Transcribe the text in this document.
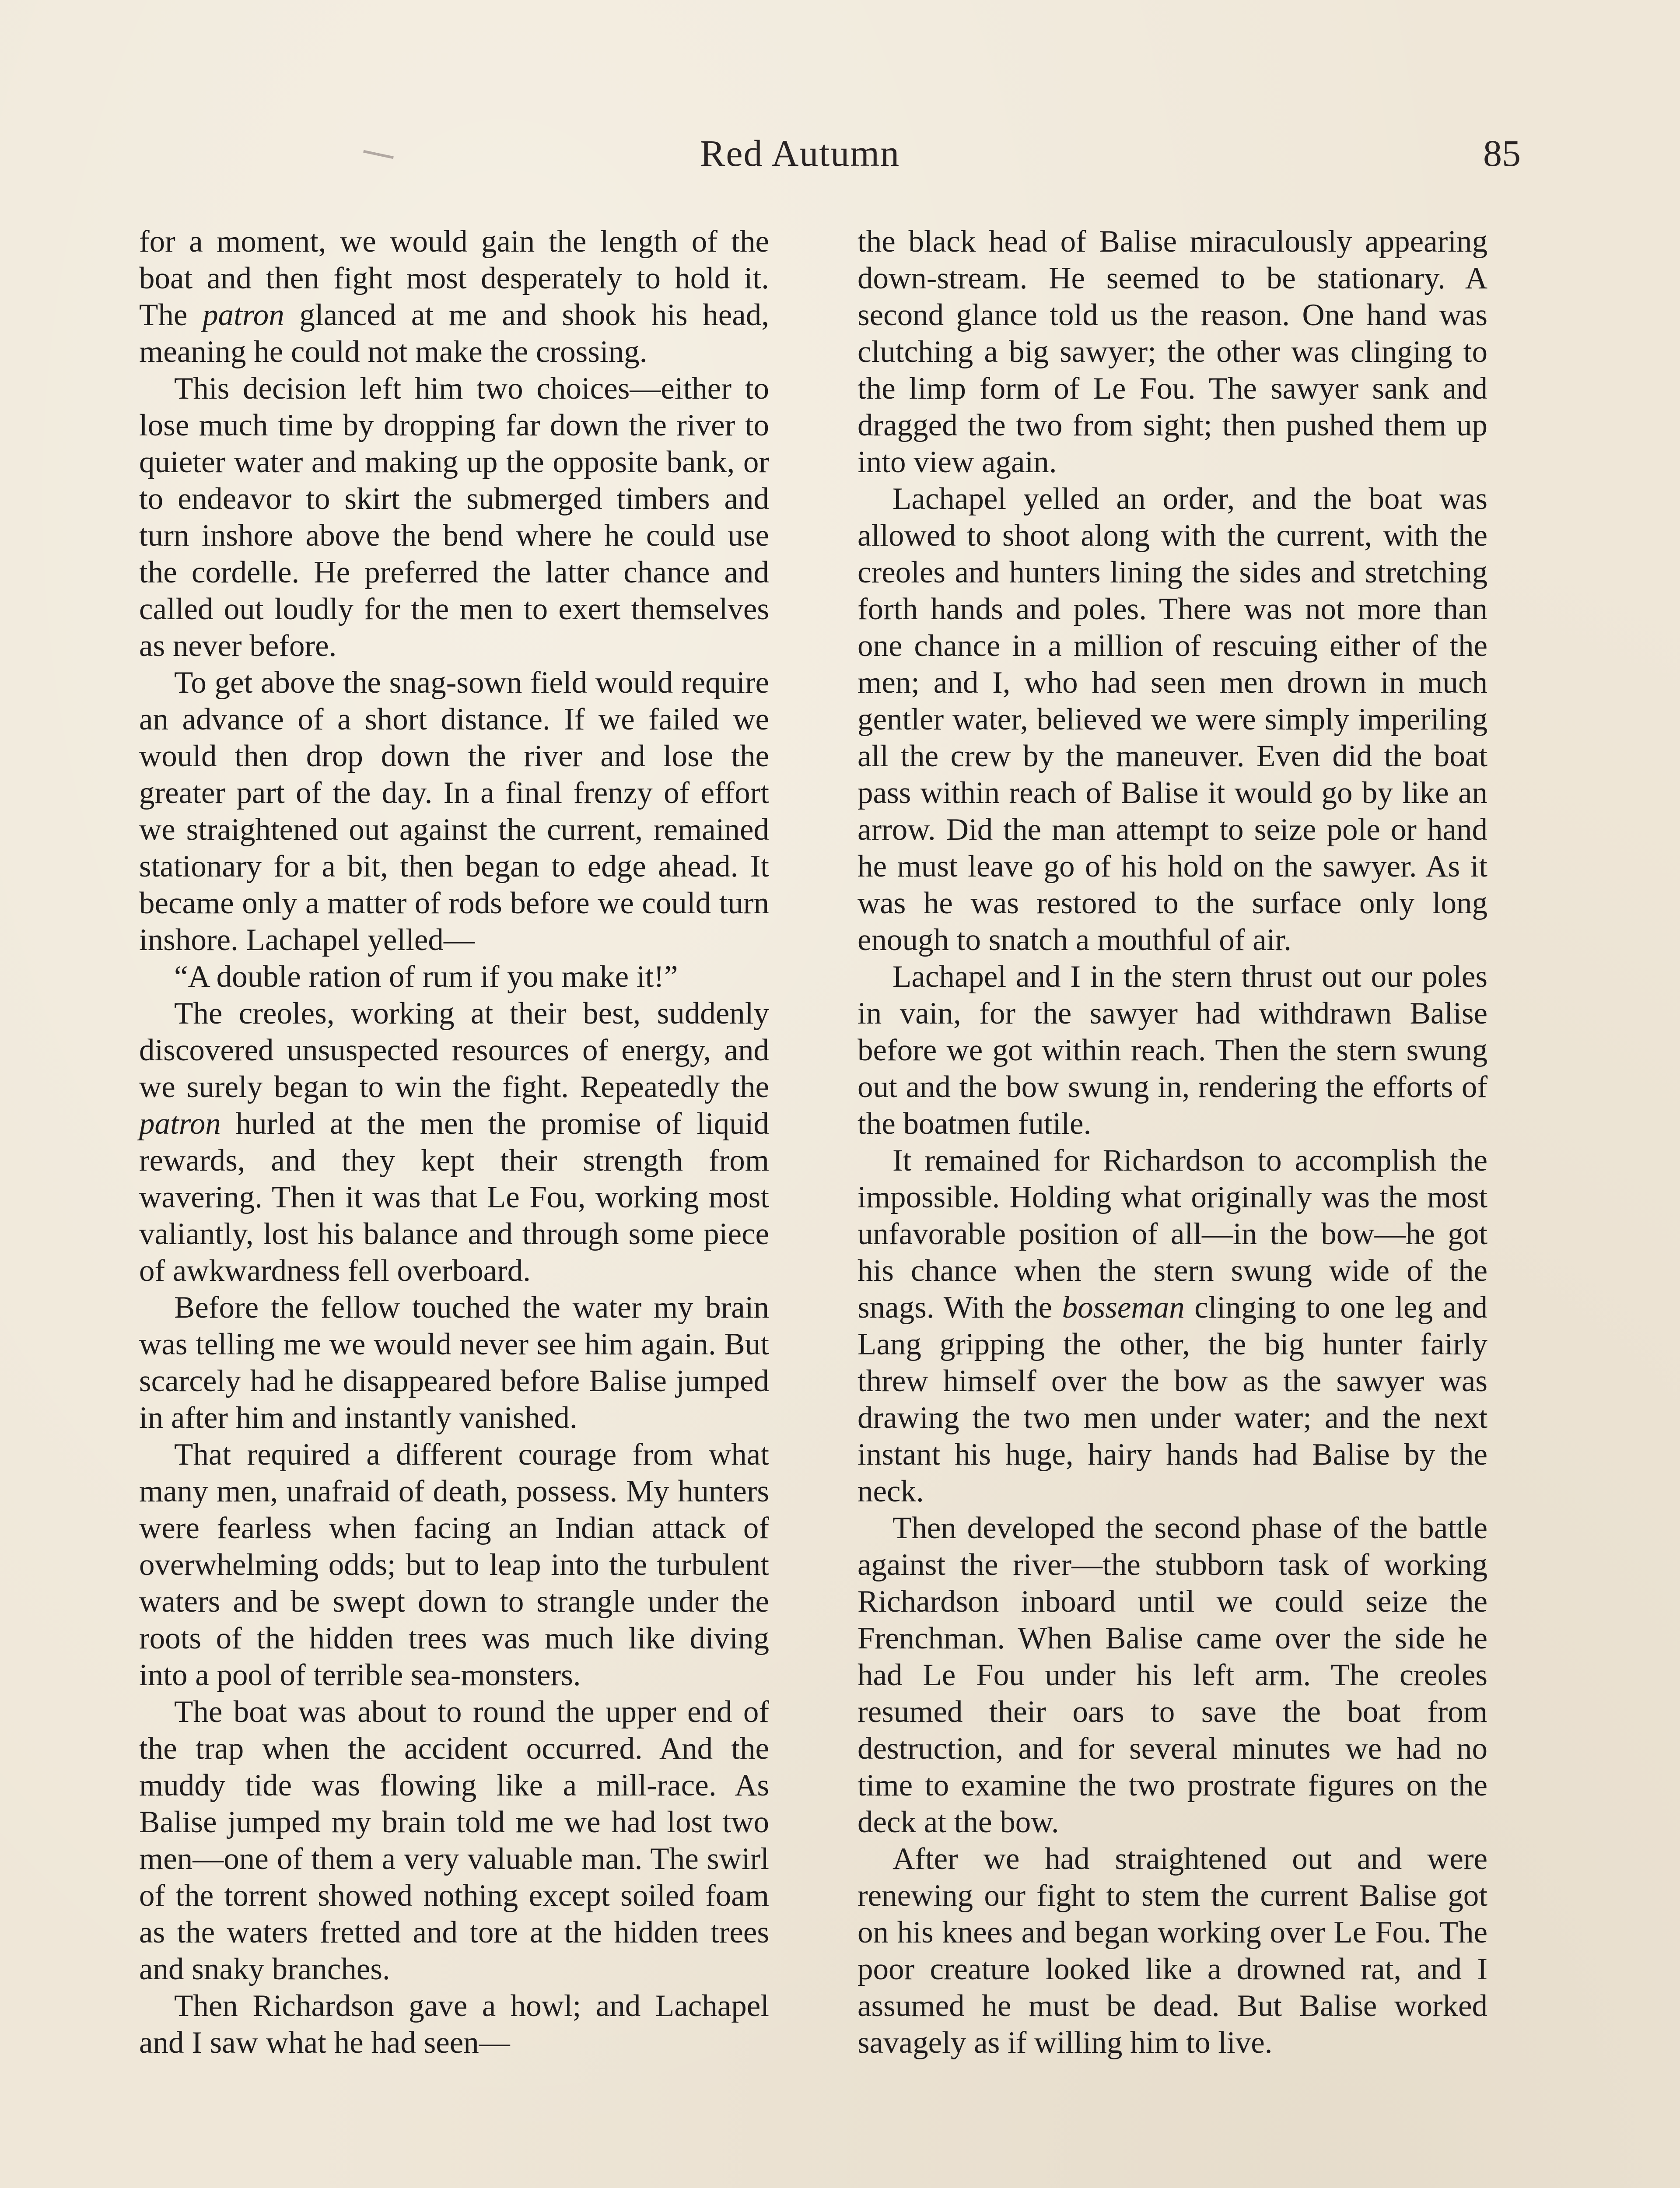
Red Autumn	85

for a moment, we would gain the length of the boat and then fight most desperately to hold it. The patron glanced at me and shook his head, meaning he could not make the crossing.

This decision left him two choices—either to lose much time by dropping far down the river to quieter water and making up the opposite bank, or to endeavor to skirt the submerged timbers and turn inshore above the bend where he could use the cordelle. He preferred the latter chance and called out loudly for the men to exert themselves as never before.

To get above the snag-sown field would require an advance of a short distance. If we failed we would then drop down the river and lose the greater part of the day. In a final frenzy of effort we straightened out against the current, remained stationary for a bit, then began to edge ahead. It became only a matter of rods before we could turn inshore. Lachapel yelled—

“A double ration of rum if you make it!”

The creoles, working at their best, suddenly discovered unsuspected resources of energy, and we surely began to win the fight. Repeatedly the patron hurled at the men the promise of liquid rewards, and they kept their strength from wavering. Then it was that Le Fou, working most valiantly, lost his balance and through some piece of awkwardness fell overboard.

Before the fellow touched the water my brain was telling me we would never see him again. But scarcely had he disappeared before Balise jumped in after him and instantly vanished.

That required a different courage from what many men, unafraid of death, possess. My hunters were fearless when facing an Indian attack of overwhelming odds; but to leap into the turbulent waters and be swept down to strangle under the roots of the hidden trees was much like diving into a pool of terrible sea-monsters.

The boat was about to round the upper end of the trap when the accident occurred. And the muddy tide was flowing like a mill-race. As Balise jumped my brain told me we had lost two men—one of them a very valuable man. The swirl of the torrent showed nothing except soiled foam as the waters fretted and tore at the hidden trees and snaky branches.

Then Richardson gave a howl; and Lachapel and I saw what he had seen—

the black head of Balise miraculously appearing down-stream. He seemed to be stationary. A second glance told us the reason. One hand was clutching a big sawyer; the other was clinging to the limp form of Le Fou. The sawyer sank and dragged the two from sight; then pushed them up into view again.

Lachapel yelled an order, and the boat was allowed to shoot along with the current, with the creoles and hunters lining the sides and stretching forth hands and poles. There was not more than one chance in a million of rescuing either of the men; and I, who had seen men drown in much gentler water, believed we were simply imperiling all the crew by the maneuver. Even did the boat pass within reach of Balise it would go by like an arrow. Did the man attempt to seize pole or hand he must leave go of his hold on the sawyer. As it was he was restored to the surface only long enough to snatch a mouthful of air.

Lachapel and I in the stern thrust out our poles in vain, for the sawyer had withdrawn Balise before we got within reach. Then the stern swung out and the bow swung in, rendering the efforts of the boatmen futile.

It remained for Richardson to accomplish the impossible. Holding what originally was the most unfavorable position of all—in the bow—he got his chance when the stern swung wide of the snags. With the bosseman clinging to one leg and Lang gripping the other, the big hunter fairly threw himself over the bow as the sawyer was drawing the two men under water; and the next instant his huge, hairy hands had Balise by the neck.

Then developed the second phase of the battle against the river—the stubborn task of working Richardson inboard until we could seize the Frenchman. When Balise came over the side he had Le Fou under his left arm. The creoles resumed their oars to save the boat from destruction, and for several minutes we had no time to examine the two prostrate figures on the deck at the bow.

After we had straightened out and were renewing our fight to stem the current Balise got on his knees and began working over Le Fou. The poor creature looked like a drowned rat, and I assumed he must be dead. But Balise worked savagely as if willing him to live.
